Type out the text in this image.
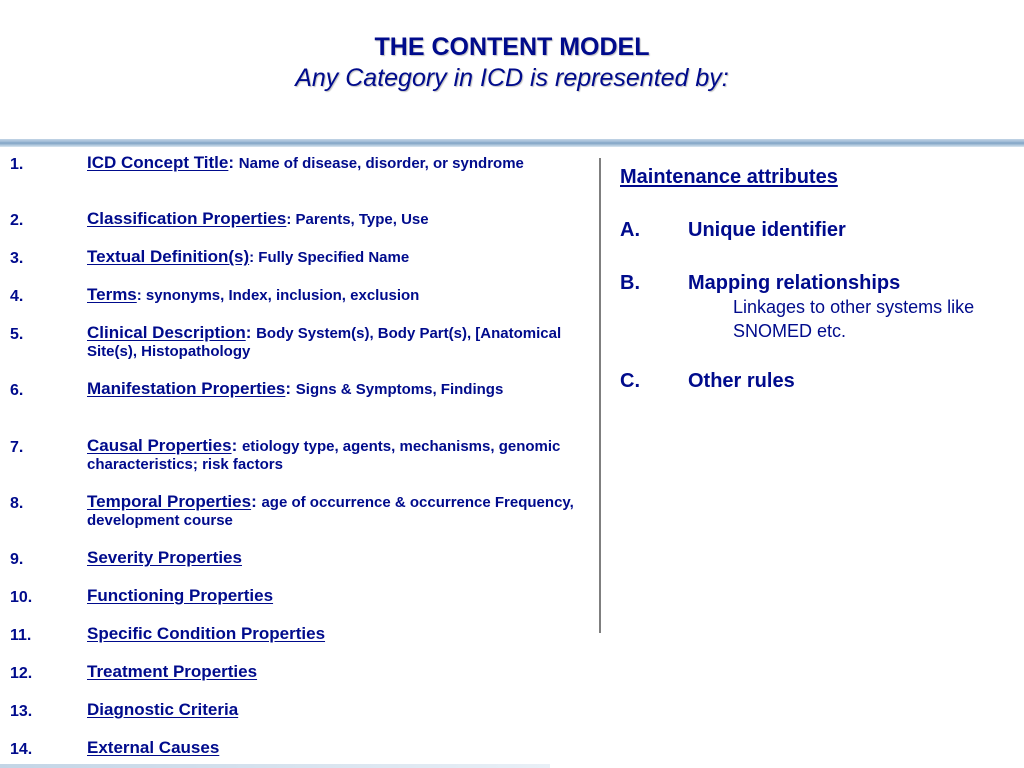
THE CONTENT MODEL
Any Category in ICD is represented by:
1.	ICD Concept Title: Name of disease, disorder, or syndrome
2.	Classification Properties: Parents, Type, Use
3.	Textual Definition(s): Fully Specified Name
4.	Terms: synonyms, Index, inclusion, exclusion
5.	Clinical Description: Body System(s), Body Part(s), [Anatomical Site(s), Histopathology
6.	Manifestation Properties: Signs & Symptoms, Findings
7.	Causal Properties: etiology type, agents, mechanisms, genomic characteristics; risk factors
8.	Temporal Properties: age of occurrence & occurrence Frequency, development course
9.	Severity Properties
10.	Functioning Properties
11.	Specific Condition Properties
12.	Treatment Properties
13.	Diagnostic Criteria
14.	External Causes
Maintenance attributes
A. Unique identifier
B. Mapping relationships
Linkages to other systems like SNOMED etc.
C. Other rules
